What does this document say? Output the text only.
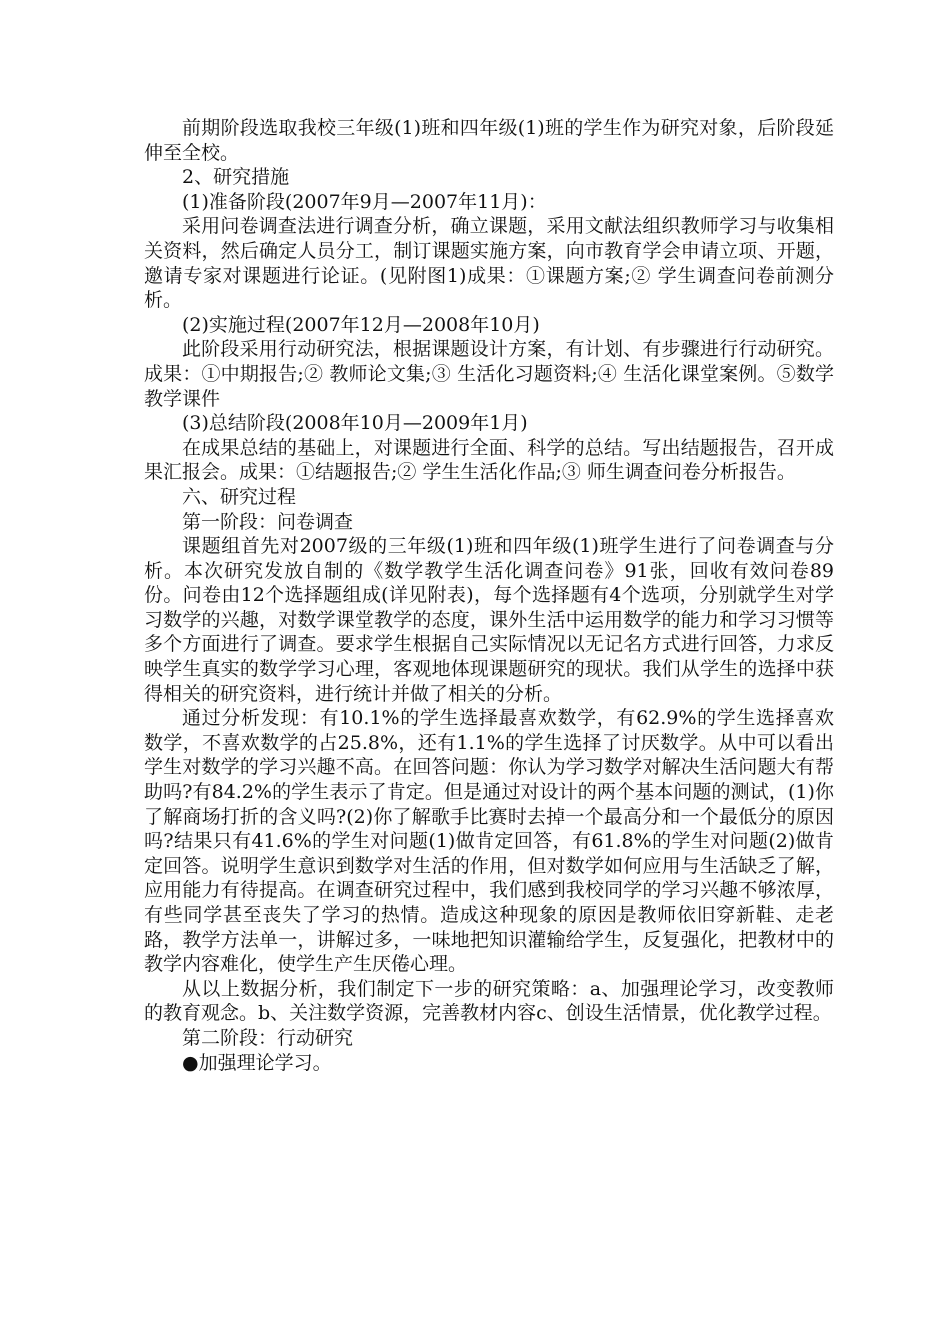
前期阶段选取我校三年级(1)班和四年级(1)班的学生作为研究对象，后阶段延伸至全校。

2、研究措施

(1)准备阶段(2007年9月—2007年11月)：

采用问卷调查法进行调查分析，确立课题，采用文献法组织教师学习与收集相关资料，然后确定人员分工，制订课题实施方案，向市教育学会申请立项、开题，邀请专家对课题进行论证。(见附图1)成果：①课题方案;② 学生调查问卷前测分析。

(2)实施过程(2007年12月—2008年10月)

此阶段采用行动研究法，根据课题设计方案，有计划、有步骤进行行动研究。成果：①中期报告;② 教师论文集;③ 生活化习题资料;④ 生活化课堂案例。⑤数学教学课件

(3)总结阶段(2008年10月—2009年1月)

在成果总结的基础上，对课题进行全面、科学的总结。写出结题报告，召开成果汇报会。成果：①结题报告;② 学生生活化作品;③ 师生调查问卷分析报告。

六、研究过程

第一阶段：问卷调查

课题组首先对2007级的三年级(1)班和四年级(1)班学生进行了问卷调查与分析。本次研究发放自制的《数学教学生活化调查问卷》91张，回收有效问卷89份。问卷由12个选择题组成(详见附表)，每个选择题有4个选项，分别就学生对学习数学的兴趣，对数学课堂教学的态度，课外生活中运用数学的能力和学习习惯等多个方面进行了调查。要求学生根据自己实际情况以无记名方式进行回答，力求反映学生真实的数学学习心理，客观地体现课题研究的现状。我们从学生的选择中获得相关的研究资料，进行统计并做了相关的分析。

通过分析发现：有10.1%的学生选择最喜欢数学，有62.9%的学生选择喜欢数学，不喜欢数学的占25.8%，还有1.1%的学生选择了讨厌数学。从中可以看出学生对数学的学习兴趣不高。在回答问题：你认为学习数学对解决生活问题大有帮助吗?有84.2%的学生表示了肯定。但是通过对设计的两个基本问题的测试，(1)你了解商场打折的含义吗?(2)你了解歌手比赛时去掉一个最高分和一个最低分的原因吗?结果只有41.6%的学生对问题(1)做肯定回答，有61.8%的学生对问题(2)做肯定回答。说明学生意识到数学对生活的作用，但对数学如何应用与生活缺乏了解，应用能力有待提高。在调查研究过程中，我们感到我校同学的学习兴趣不够浓厚，有些同学甚至丧失了学习的热情。造成这种现象的原因是教师依旧穿新鞋、走老路，教学方法单一，讲解过多，一味地把知识灌输给学生，反复强化，把教材中的教学内容难化，使学生产生厌倦心理。

从以上数据分析，我们制定下一步的研究策略：a、加强理论学习，改变教师的教育观念。b、关注数学资源，完善教材内容c、创设生活情景，优化教学过程。

第二阶段：行动研究

●加强理论学习。
